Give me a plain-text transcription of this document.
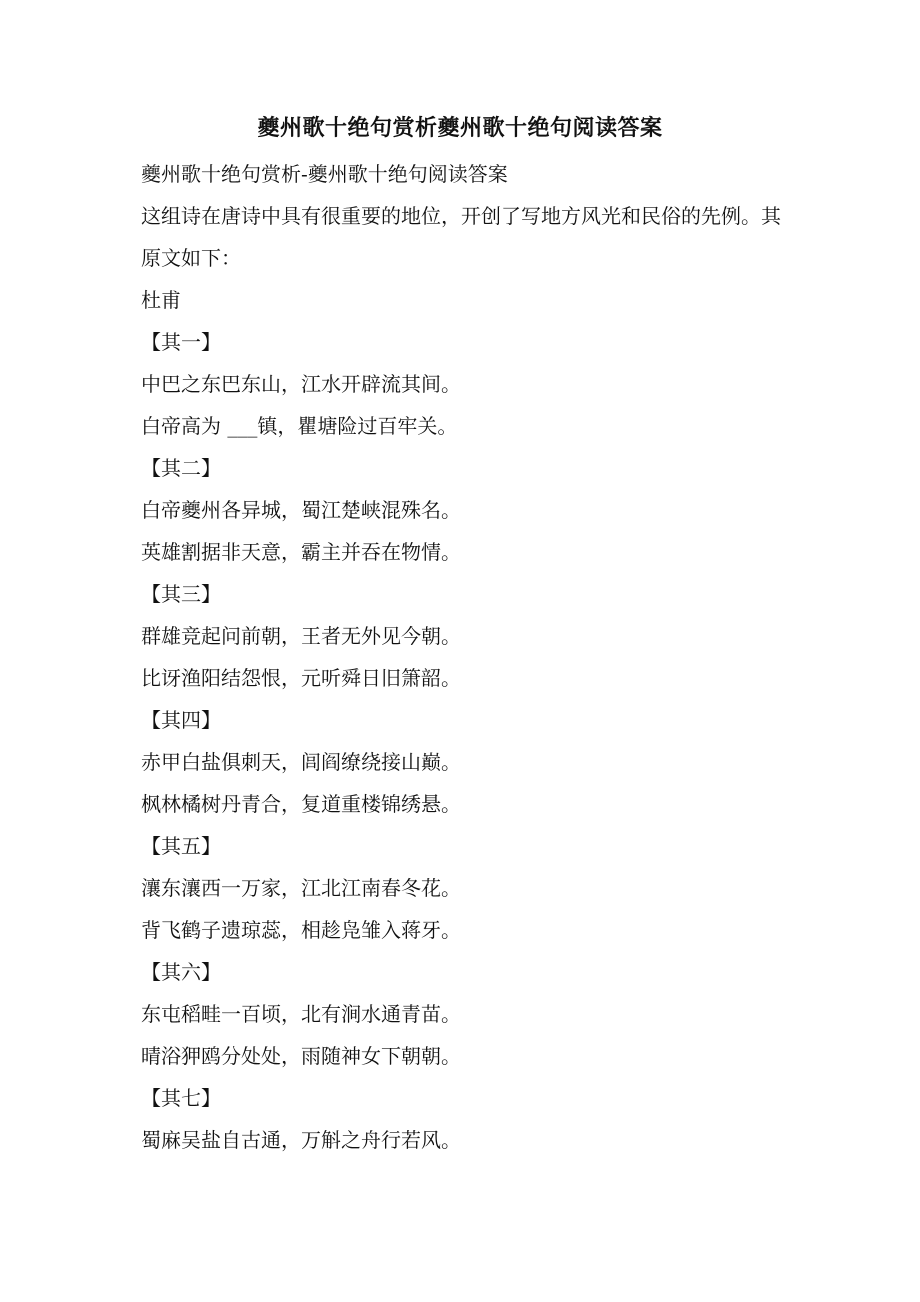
夔州歌十绝句赏析夔州歌十绝句阅读答案

夔州歌十绝句赏析-夔州歌十绝句阅读答案

这组诗在唐诗中具有很重要的地位，开创了写地方风光和民俗的先例。其原文如下：

杜甫

【其一】

中巴之东巴东山，江水开辟流其间。

白帝高为 ___镇，瞿塘险过百牢关。

【其二】

白帝夔州各异城，蜀江楚峡混殊名。

英雄割据非天意，霸主并吞在物情。

【其三】

群雄竞起问前朝，王者无外见今朝。

比讶渔阳结怨恨，元听舜日旧箫韶。

【其四】

赤甲白盐俱刺天，闾阎缭绕接山巅。

枫林橘树丹青合，复道重楼锦绣悬。

【其五】

瀼东瀼西一万家，江北江南春冬花。

背飞鹤子遗琼蕊，相趁凫雏入蒋牙。

【其六】

东屯稻畦一百顷，北有涧水通青苗。

晴浴狎鸥分处处，雨随神女下朝朝。

【其七】

蜀麻吴盐自古通，万斛之舟行若风。
